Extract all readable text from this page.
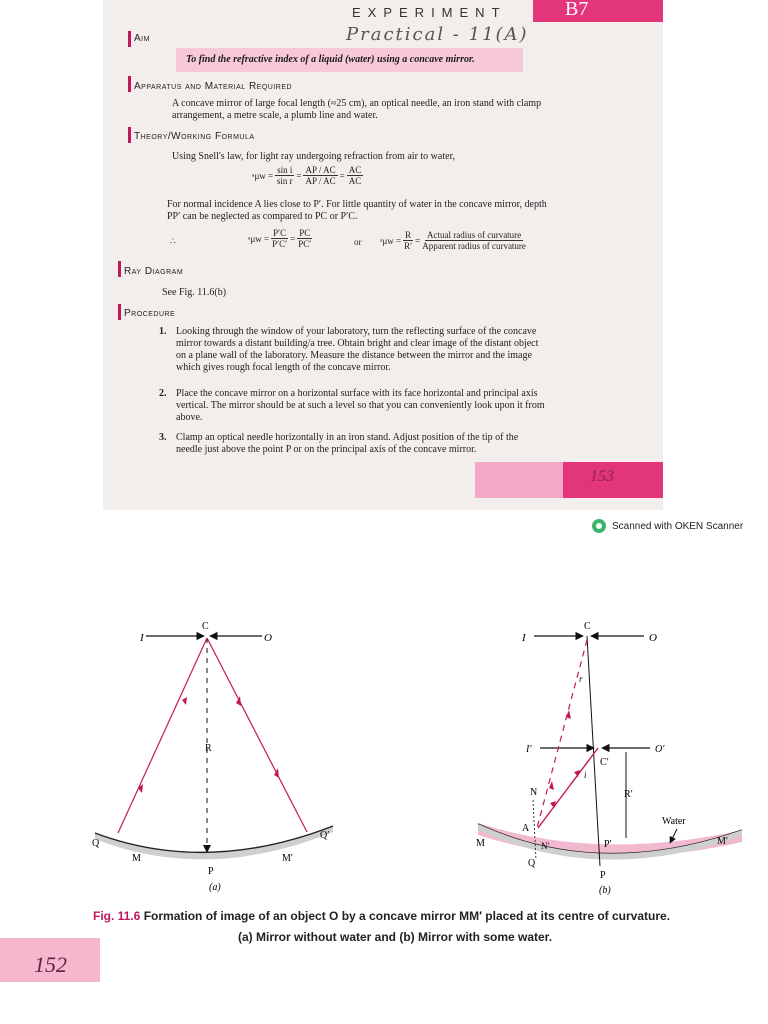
EXPERIMENT	B7
Practical - 11(A)
Aim
To find the refractive index of a liquid (water) using a concave mirror.
Apparatus and Material Required
A concave mirror of large focal length (≈25 cm), an optical needle, an iron stand with clamp
arrangement, a metre scale, a plumb line and water.
Theory/Working Formula
Using Snell's law, for light ray undergoing refraction from air to water,
ᵃμw = $\frac{\text{sin i}}{\text{sin r}} = \frac{AP / AC}{AP / AC} = \frac{AC}{AC}$
For normal incidence A lies close to P′. For little quantity of water in the concave mirror, depth
PP′ can be neglected as compared to PC or P′C.
∴	ᵃμw = $\frac{P'C}{P'C'} = \frac{PC}{PC'}$	or ᵃμw = $\frac{R}{R'} = \frac{\text{Actual radius of curvature}}{\text{Apparent radius of curvature}}$
Ray Diagram
See Fig. 11.6(b)
Procedure
1. Looking through the window of your laboratory, turn the reflecting surface of the concave
mirror towards a distant building/a tree. Obtain bright and clear image of the distant object
on a plane wall of the laboratory. Measure the distance between the mirror and the image
which gives rough focal length of the concave mirror.
2. Place the concave mirror on a horizontal surface with its face horizontal and principal axis
vertical. The mirror should be at such a level so that you can conveniently look upon it from
above.
3. Clamp an optical needle horizontally in an iron stand. Adjust position of the tip of the
needle just above the point P or on the principal axis of the concave mirror.
153
Scanned with OKEN Scanner
I
C
O
R
Q
Q′
M	M′
P
(a)
I
C
O
r
I′
C′
O′
i
N	R′
Water
A
N′
M	P′	M′
Q
P
(b)
Fig. 11.6 Formation of image of an object O by a concave mirror MM′ placed at its centre of curvature.
(a) Mirror without water and (b) Mirror with some water.
152
